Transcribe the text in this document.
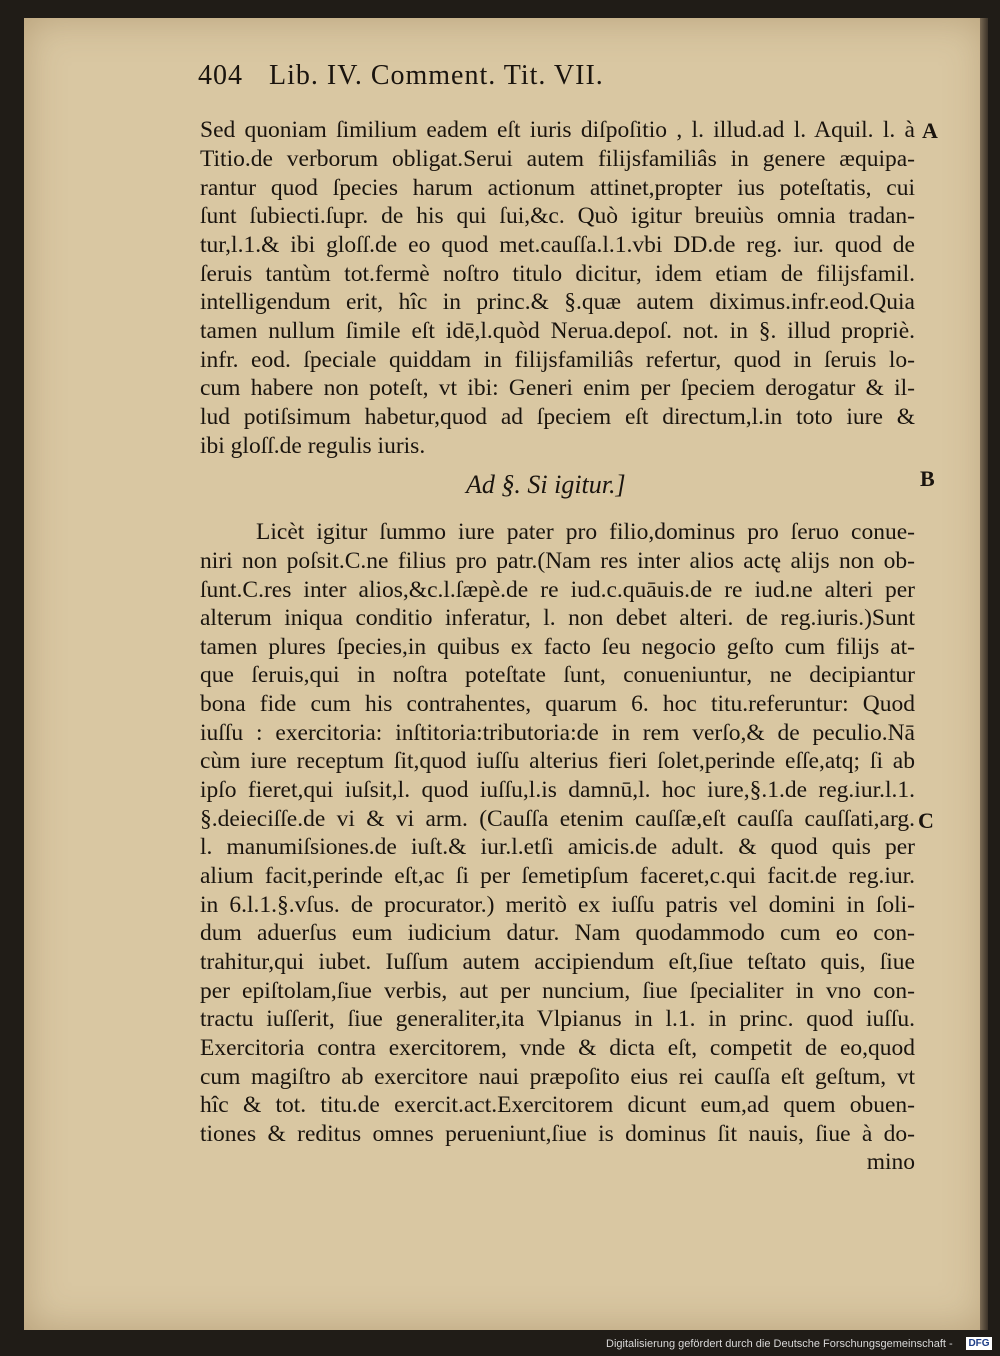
404 Lib. IV. Comment. Tit. VII.
A
B
C
Sed quoniam ſimilium eadem eſt iuris diſpoſitio , l. illud.ad l. Aquil. l. à
Titio.de verborum obligat.Serui autem filijsfamiliâs in genere æquipa-
rantur quod ſpecies harum actionum attinet,propter ius poteſtatis, cui
ſunt ſubiecti.ſupr. de his qui ſui,&c. Quò igitur breuiùs omnia tradan-
tur,l.1.& ibi gloſſ.de eo quod met.cauſſa.l.1.vbi DD.de reg. iur. quod de
ſeruis tantùm tot.fermè noſtro titulo dicitur, idem etiam de filijsfamil.
intelligendum erit, hîc in princ.& §.quæ autem diximus.infr.eod.Quia
tamen nullum ſimile eſt idē,l.quòd Nerua.depoſ. not. in §. illud propriè.
infr. eod. ſpeciale quiddam in filijsfamiliâs refertur, quod in ſeruis lo-
cum habere non poteſt, vt ibi: Generi enim per ſpeciem derogatur & il-
lud potiſsimum habetur,quod ad ſpeciem eſt directum,l.in toto iure &
ibi gloſſ.de regulis iuris.
Ad §. Si igitur.]
Licèt igitur ſummo iure pater pro filio,dominus pro ſeruo conue-
niri non poſsit.C.ne filius pro patr.(Nam res inter alios actę alijs non ob-
ſunt.C.res inter alios,&c.l.ſæpè.de re iud.c.quāuis.de re iud.ne alteri per
alterum iniqua conditio inferatur, l. non debet alteri. de reg.iuris.)Sunt
tamen plures ſpecies,in quibus ex facto ſeu negocio geſto cum filijs at-
que ſeruis,qui in noſtra poteſtate ſunt, conueniuntur, ne decipiantur
bona fide cum his contrahentes, quarum 6. hoc titu.referuntur: Quod
iuſſu : exercitoria: inſtitoria:tributoria:de in rem verſo,& de peculio.Nā
cùm iure receptum ſit,quod iuſſu alterius fieri ſolet,perinde eſſe,atq; ſi ab
ipſo fieret,qui iuſsit,l. quod iuſſu,l.is damnū,l. hoc iure,§.1.de reg.iur.l.1.
§.deieciſſe.de vi & vi arm. (Cauſſa etenim cauſſæ,eſt cauſſa cauſſati,arg.
l. manumiſsiones.de iuſt.& iur.l.etſi amicis.de adult. & quod quis per
alium facit,perinde eſt,ac ſi per ſemetipſum faceret,c.qui facit.de reg.iur.
in 6.l.1.§.vſus. de procurator.) meritò ex iuſſu patris vel domini in ſoli-
dum aduerſus eum iudicium datur. Nam quodammodo cum eo con-
trahitur,qui iubet. Iuſſum autem accipiendum eſt,ſiue teſtato quis, ſiue
per epiſtolam,ſiue verbis, aut per nuncium, ſiue ſpecialiter in vno con-
tractu iuſſerit, ſiue generaliter,ita Vlpianus in l.1. in princ. quod iuſſu.
Exercitoria contra exercitorem, vnde & dicta eſt, competit de eo,quod
cum magiſtro ab exercitore naui præpoſito eius rei cauſſa eſt geſtum, vt
hîc & tot. titu.de exercit.act.Exercitorem dicunt eum,ad quem obuen-
tiones & reditus omnes perueniunt,ſiue is dominus ſit nauis, ſiue à do-
mino
Digitalisierung gefördert durch die Deutsche Forschungsgemeinschaft - DFG
